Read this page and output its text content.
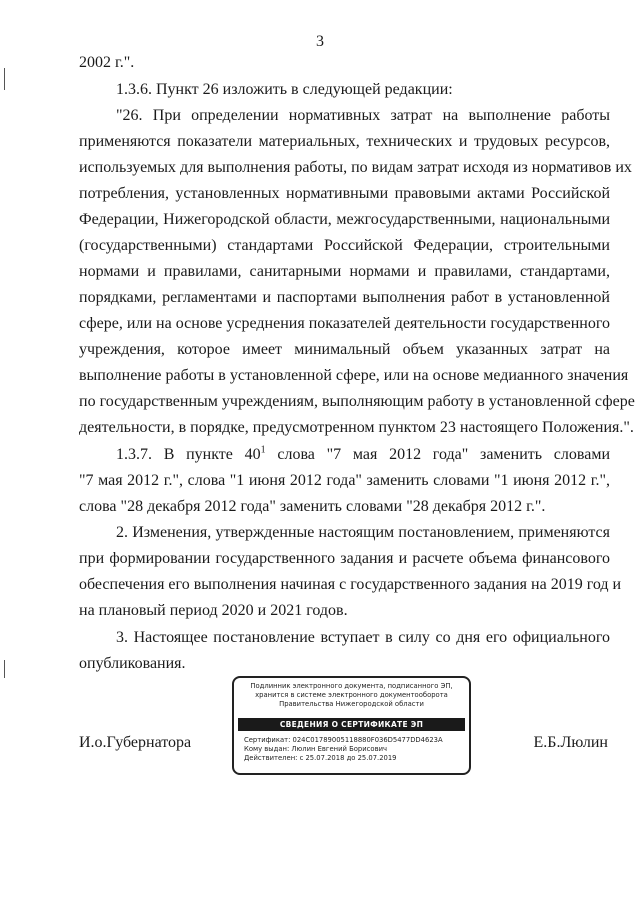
3
2002 г.".
1.3.6. Пункт 26 изложить в следующей редакции:
"26. При определении нормативных затрат на выполнение работы
применяются показатели материальных, технических и трудовых ресурсов,
используемых для выполнения работы, по видам затрат исходя из нормативов их
потребления, установленных нормативными правовыми актами Российской
Федерации, Нижегородской области, межгосударственными, национальными
(государственными) стандартами Российской Федерации, строительными
нормами и правилами, санитарными нормами и правилами, стандартами,
порядками, регламентами и паспортами выполнения работ в установленной
сфере, или на основе усреднения показателей деятельности государственного
учреждения, которое имеет минимальный объем указанных затрат на
выполнение работы в установленной сфере, или на основе медианного значения
по государственным учреждениям, выполняющим работу в установленной сфере
деятельности, в порядке, предусмотренном пунктом 23 настоящего Положения.".
1.3.7. В пункте $40^1$ слова "7 мая 2012 года" заменить словами
"7 мая 2012 г.", слова "1 июня 2012 года" заменить словами "1 июня 2012 г.",
слова "28 декабря 2012 года" заменить словами "28 декабря 2012 г.".
2. Изменения, утвержденные настоящим постановлением, применяются
при формировании государственного задания и расчете объема финансового
обеспечения его выполнения начиная с государственного задания на 2019 год и
на плановый период 2020 и 2021 годов.
3. Настоящее постановление вступает в силу со дня его официального
опубликования.
Подлинник электронного документа, подписанного ЭП,
хранится в системе электронного документооборота
Правительства Нижегородской области
СВЕДЕНИЯ О СЕРТИФИКАТЕ ЭП
Сертификат: 024C01789005118880F036D5477DD4623A
Кому выдан: Люлин Евгений Борисович
Действителен: с 25.07.2018 до 25.07.2019
И.о.Губернатора	Е.Б.Люлин
